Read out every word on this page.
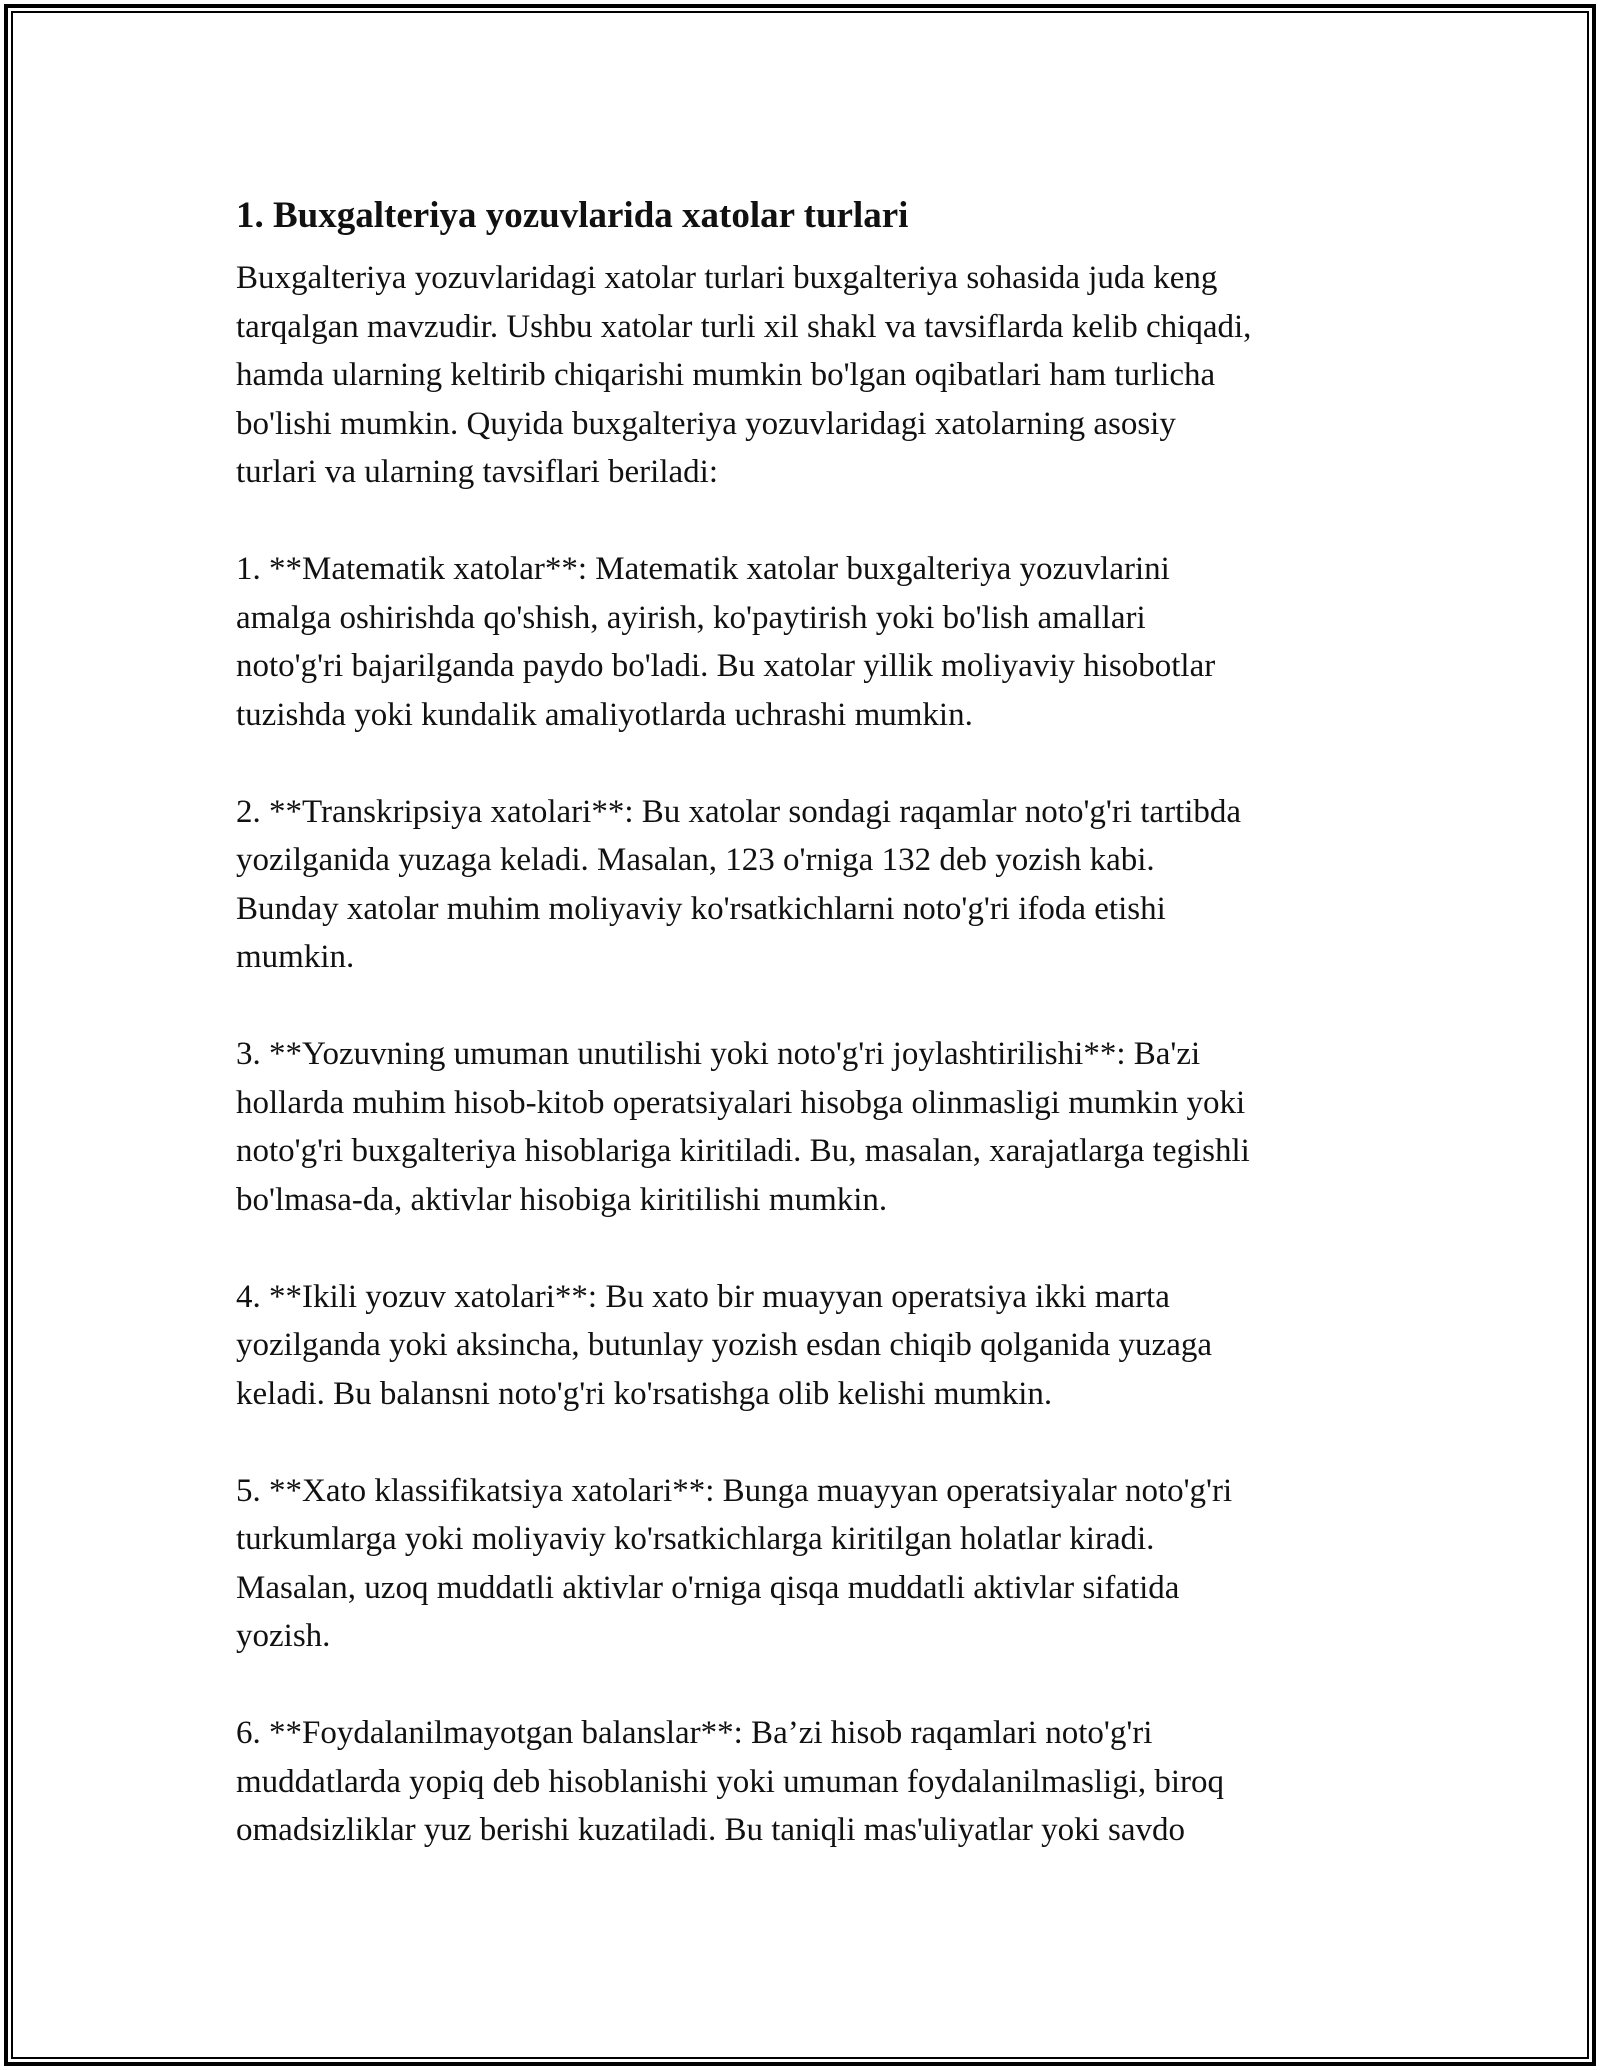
1. Buxgalteriya yozuvlarida xatolar turlari

Buxgalteriya yozuvlaridagi xatolar turlari buxgalteriya sohasida juda keng
tarqalgan mavzudir. Ushbu xatolar turli xil shakl va tavsiflarda kelib chiqadi,
hamda ularning keltirib chiqarishi mumkin bo'lgan oqibatlari ham turlicha
bo'lishi mumkin. Quyida buxgalteriya yozuvlaridagi xatolarning asosiy
turlari va ularning tavsiflari beriladi:

1. **Matematik xatolar**: Matematik xatolar buxgalteriya yozuvlarini
amalga oshirishda qo'shish, ayirish, ko'paytirish yoki bo'lish amallari
noto'g'ri bajarilganda paydo bo'ladi. Bu xatolar yillik moliyaviy hisobotlar
tuzishda yoki kundalik amaliyotlarda uchrashi mumkin.

2. **Transkripsiya xatolari**: Bu xatolar sondagi raqamlar noto'g'ri tartibda
yozilganida yuzaga keladi. Masalan, 123 o'rniga 132 deb yozish kabi.
Bunday xatolar muhim moliyaviy ko'rsatkichlarni noto'g'ri ifoda etishi
mumkin.

3. **Yozuvning umuman unutilishi yoki noto'g'ri joylashtirilishi**: Ba'zi
hollarda muhim hisob-kitob operatsiyalari hisobga olinmasligi mumkin yoki
noto'g'ri buxgalteriya hisoblariga kiritiladi. Bu, masalan, xarajatlarga tegishli
bo'lmasa-da, aktivlar hisobiga kiritilishi mumkin.

4. **Ikili yozuv xatolari**: Bu xato bir muayyan operatsiya ikki marta
yozilganda yoki aksincha, butunlay yozish esdan chiqib qolganida yuzaga
keladi. Bu balansni noto'g'ri ko'rsatishga olib kelishi mumkin.

5. **Xato klassifikatsiya xatolari**: Bunga muayyan operatsiyalar noto'g'ri
turkumlarga yoki moliyaviy ko'rsatkichlarga kiritilgan holatlar kiradi.
Masalan, uzoq muddatli aktivlar o'rniga qisqa muddatli aktivlar sifatida
yozish.

6. **Foydalanilmayotgan balanslar**: Ba’zi hisob raqamlari noto'g'ri
muddatlarda yopiq deb hisoblanishi yoki umuman foydalanilmasligi, biroq
omadsizliklar yuz berishi kuzatiladi. Bu taniqli mas'uliyatlar yoki savdo
